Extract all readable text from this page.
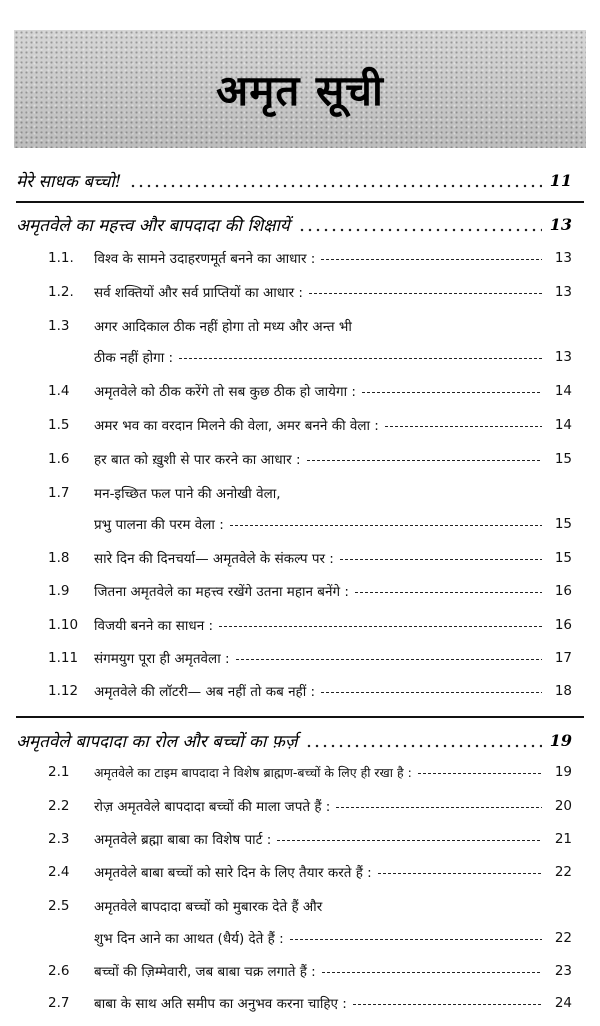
अमृत सूची
मेरे साधक बच्चो!	11
अमृतवेले का महत्त्व और बापदादा की शिक्षायें	13
1.1.	विश्व के सामने उदाहरणमूर्त बनने का आधार :	13
1.2.	सर्व शक्तियों और सर्व प्राप्तियों का आधार :	13
1.3	अगर आदिकाल ठीक नहीं होगा तो मध्य और अन्त भी
ठीक नहीं होगा :	13
1.4	अमृतवेले को ठीक करेंगे तो सब कुछ ठीक हो जायेगा :	14
1.5	अमर भव का वरदान मिलने की वेला, अमर बनने की वेला :	14
1.6	हर बात को ख़ुशी से पार करने का आधार :	15
1.7	मन-इच्छित फल पाने की अनोखी वेला,
प्रभु पालना की परम वेला :	15
1.8	सारे दिन की दिनचर्या— अमृतवेले के संकल्प पर :	15
1.9	जितना अमृतवेले का महत्त्व रखेंगे उतना महान बनेंगे :	16
1.10	विजयी बनने का साधन :	16
1.11	संगमयुग पूरा ही अमृतवेला :	17
1.12	अमृतवेले की लॉटरी— अब नहीं तो कब नहीं :	18
अमृतवेले बापदादा का रोल और बच्चों का फ़र्ज़	19
2.1	अमृतवेले का टाइम बापदादा ने विशेष ब्राह्मण-बच्चों के लिए ही रखा है :	19
2.2	रोज़ अमृतवेले बापदादा बच्चों की माला जपते हैं :	20
2.3	अमृतवेले ब्रह्मा बाबा का विशेष पार्ट :	21
2.4	अमृतवेले बाबा बच्चों को सारे दिन के लिए तैयार करते हैं :	22
2.5	अमृतवेले बापदादा बच्चों को मुबारक देते हैं और
शुभ दिन आने का आथत (धैर्य) देते हैं :	22
2.6	बच्चों की ज़िम्मेवारी, जब बाबा चक्र लगाते हैं :	23
2.7	बाबा के साथ अति समीप का अनुभव करना चाहिए :	24
